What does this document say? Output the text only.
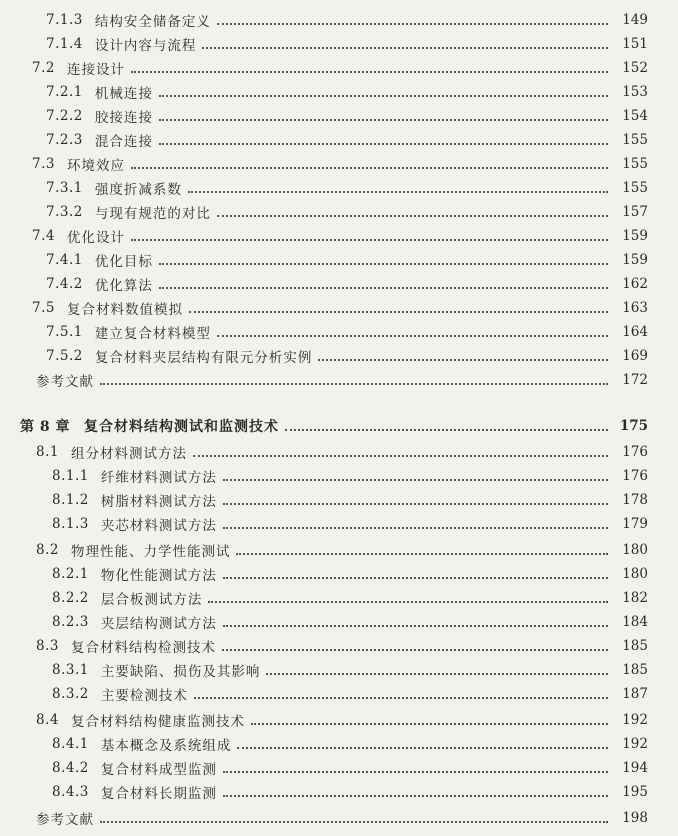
7.1.3 结构安全储备定义	149
7.1.4 设计内容与流程	151
7.2 连接设计	152
7.2.1 机械连接	153
7.2.2 胶接连接	154
7.2.3 混合连接	155
7.3 环境效应	155
7.3.1 强度折减系数	155
7.3.2 与现有规范的对比	157
7.4 优化设计	159
7.4.1 优化目标	159
7.4.2 优化算法	162
7.5 复合材料数值模拟	163
7.5.1 建立复合材料模型	164
7.5.2 复合材料夹层结构有限元分析实例	169
参考文献	172
第 8 章 复合材料结构测试和监测技术	175
8.1 组分材料测试方法	176
8.1.1 纤维材料测试方法	176
8.1.2 树脂材料测试方法	178
8.1.3 夹芯材料测试方法	179
8.2 物理性能、力学性能测试	180
8.2.1 物化性能测试方法	180
8.2.2 层合板测试方法	182
8.2.3 夹层结构测试方法	184
8.3 复合材料结构检测技术	185
8.3.1 主要缺陷、损伤及其影响	185
8.3.2 主要检测技术	187
8.4 复合材料结构健康监测技术	192
8.4.1 基本概念及系统组成	192
8.4.2 复合材料成型监测	194
8.4.3 复合材料长期监测	195
参考文献	198
